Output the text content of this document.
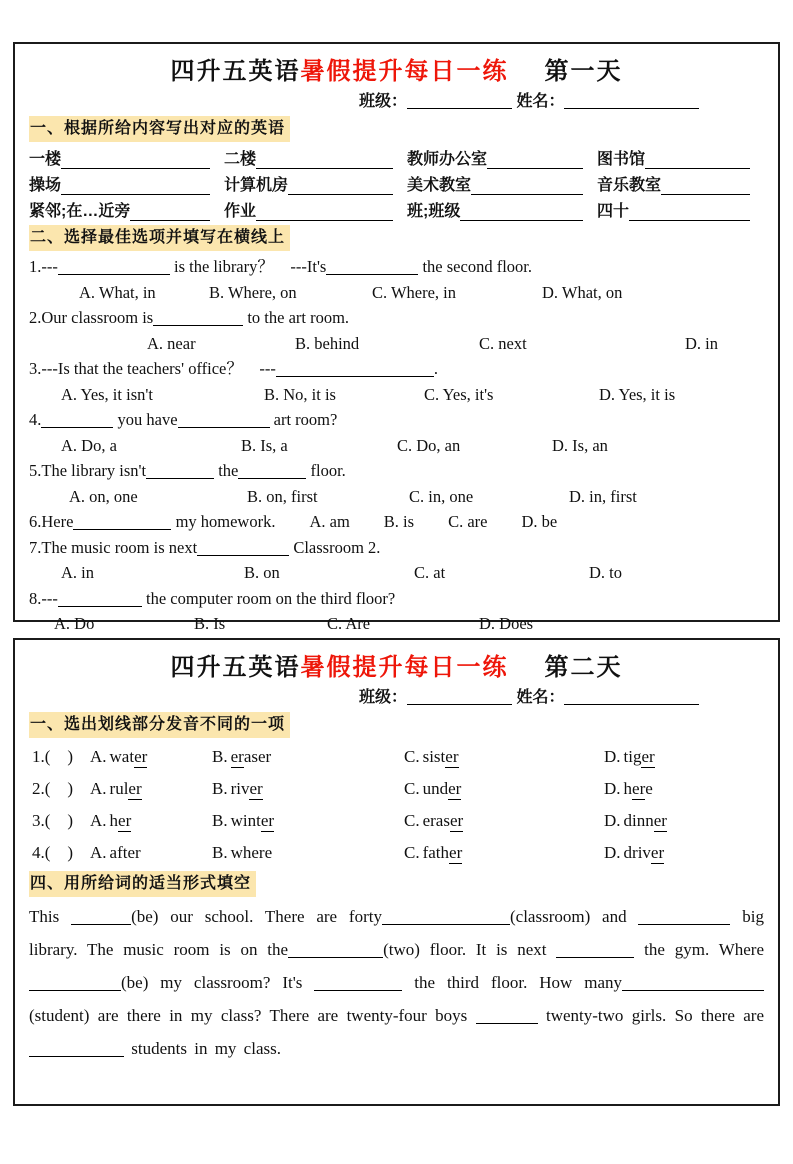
四升五英语暑假提升每日一练 第一天
班级：	姓名：
一、根据所给内容写出对应的英语
一楼	二楼	教师办公室	图书馆
操场	计算机房	美术教室	音乐教室
紧邻;在…近旁	作业	班;班级	四十
二、选择最佳选项并填写在横线上
1.---	is the library？　---It's	the second floor.
A. What, in	B. Where, on	C. Where, in	D. What, on
2.Our classroom is	to the art room.
A. near	B. behind	C. next	D. in
3.---Is that the teachers' office？　---	.
A. Yes, it isn't	B. No, it is	C. Yes, it's	D. Yes, it is
4.	you have	art room?
A. Do, a	B. Is, a	C. Do, an	D. Is, an
5.The library isn't	the	floor.
A. on, one	B. on, first	C. in, one	D. in, first
6.Here	my homework. A. am B. is C. are D. be
7.The music room is next	Classroom 2.
A. in	B. on	C. at	D. to
8.---	the computer room on the third floor?
A. Do	B. Is	C. Are	D. Does
四升五英语暑假提升每日一练 第二天
班级：	姓名：
一、选出划线部分发音不同的一项
1.(　) A. water	B. eraser	C. sister	D. tiger
2.(　) A. ruler	B. river	C. under	D. here
3.(　) A. her	B. winter	C. eraser	D. dinner
4.(　) A. after	B. where	C. father	D. driver
四、用所给词的适当形式填空
This	(be) our school. There are forty	(classroom) and	big library. The music room is on the	(two) floor. It is next	the gym. Where(be) my classroom? It's	the third floor. How many(student) are there in my class? There are twenty-four boys	twenty-two girls. So there are students in my class.
